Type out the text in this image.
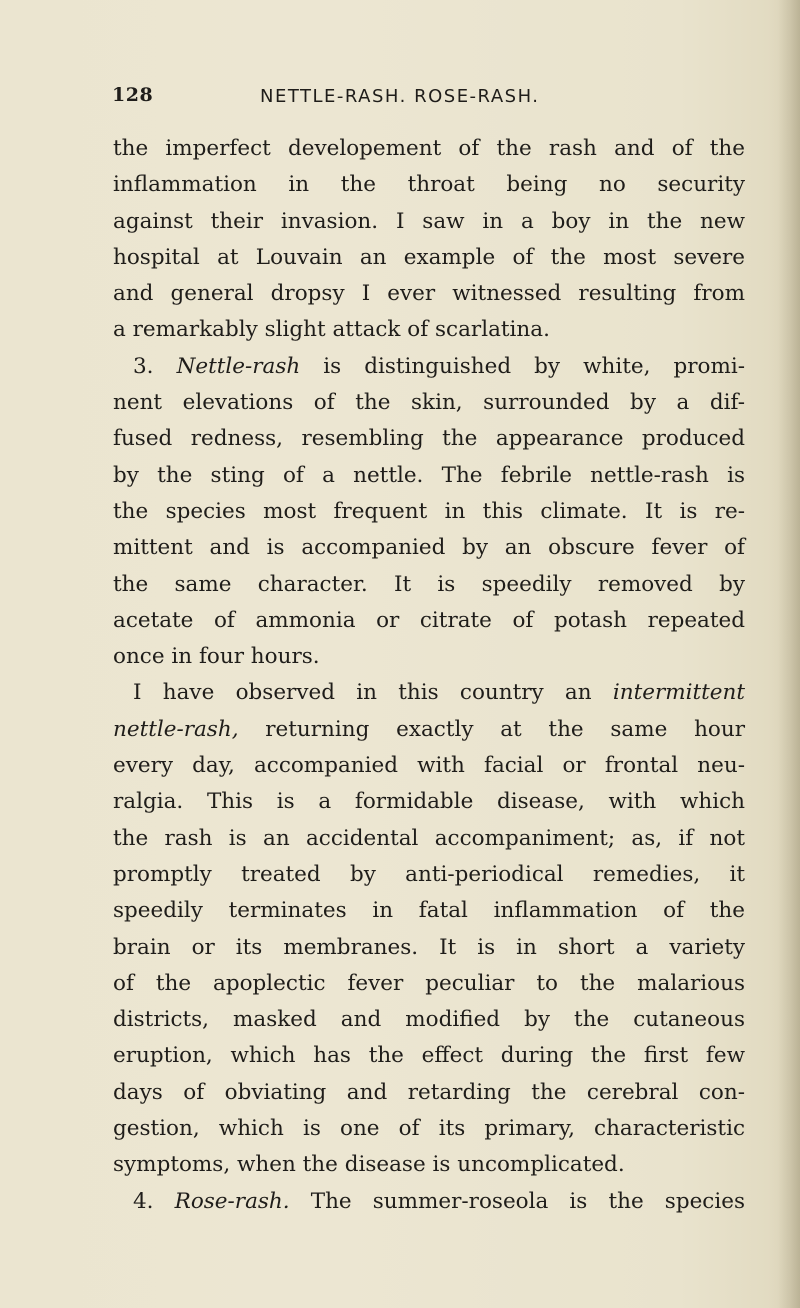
128	NETTLE-RASH. ROSE-RASH.
the imperfect developement of the rash and of the
inflammation in the throat being no security
against their invasion. I saw in a boy in the new
hospital at Louvain an example of the most severe
and general dropsy I ever witnessed resulting from
a remarkably slight attack of scarlatina.
3. Nettle-rash is distinguished by white, promi-
nent elevations of the skin, surrounded by a dif-
fused redness, resembling the appearance produced
by the sting of a nettle. The febrile nettle-rash is
the species most frequent in this climate. It is re-
mittent and is accompanied by an obscure fever of
the same character. It is speedily removed by
acetate of ammonia or citrate of potash repeated
once in four hours.
I have observed in this country an intermittent
nettle-rash, returning exactly at the same hour
every day, accompanied with facial or frontal neu-
ralgia. This is a formidable disease, with which
the rash is an accidental accompaniment; as, if not
promptly treated by anti-periodical remedies, it
speedily terminates in fatal inflammation of the
brain or its membranes. It is in short a variety
of the apoplectic fever peculiar to the malarious
districts, masked and modified by the cutaneous
eruption, which has the effect during the first few
days of obviating and retarding the cerebral con-
gestion, which is one of its primary, characteristic
symptoms, when the disease is uncomplicated.
4. Rose-rash. The summer-roseola is the species
